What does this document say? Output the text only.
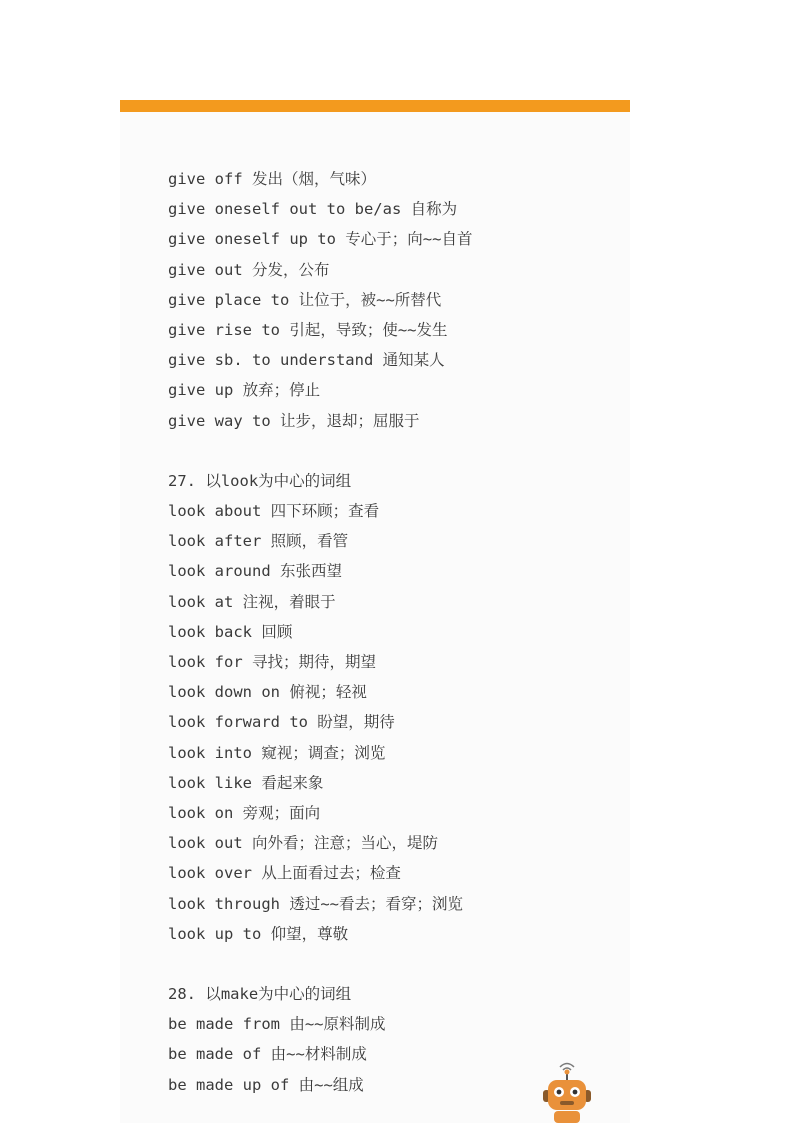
give off 发出（烟，气味）
give oneself out to be/as 自称为
give oneself up to 专心于；向~~自首
give out 分发，公布
give place to 让位于，被~~所替代
give rise to 引起，导致；使~~发生
give sb. to understand 通知某人
give up 放弃；停止
give way to 让步，退却；屈服于
27. 以look为中心的词组
look about 四下环顾；查看
look after 照顾，看管
look around 东张西望
look at 注视，着眼于
look back 回顾
look for 寻找；期待，期望
look down on 俯视；轻视
look forward to 盼望，期待
look into 窥视；调查；浏览
look like 看起来象
look on 旁观；面向
look out 向外看；注意；当心，堤防
look over 从上面看过去；检查
look through 透过~~看去；看穿；浏览
look up to 仰望，尊敬
28. 以make为中心的词组
be made from 由~~原料制成
be made of 由~~材料制成
be made up of 由~~组成
